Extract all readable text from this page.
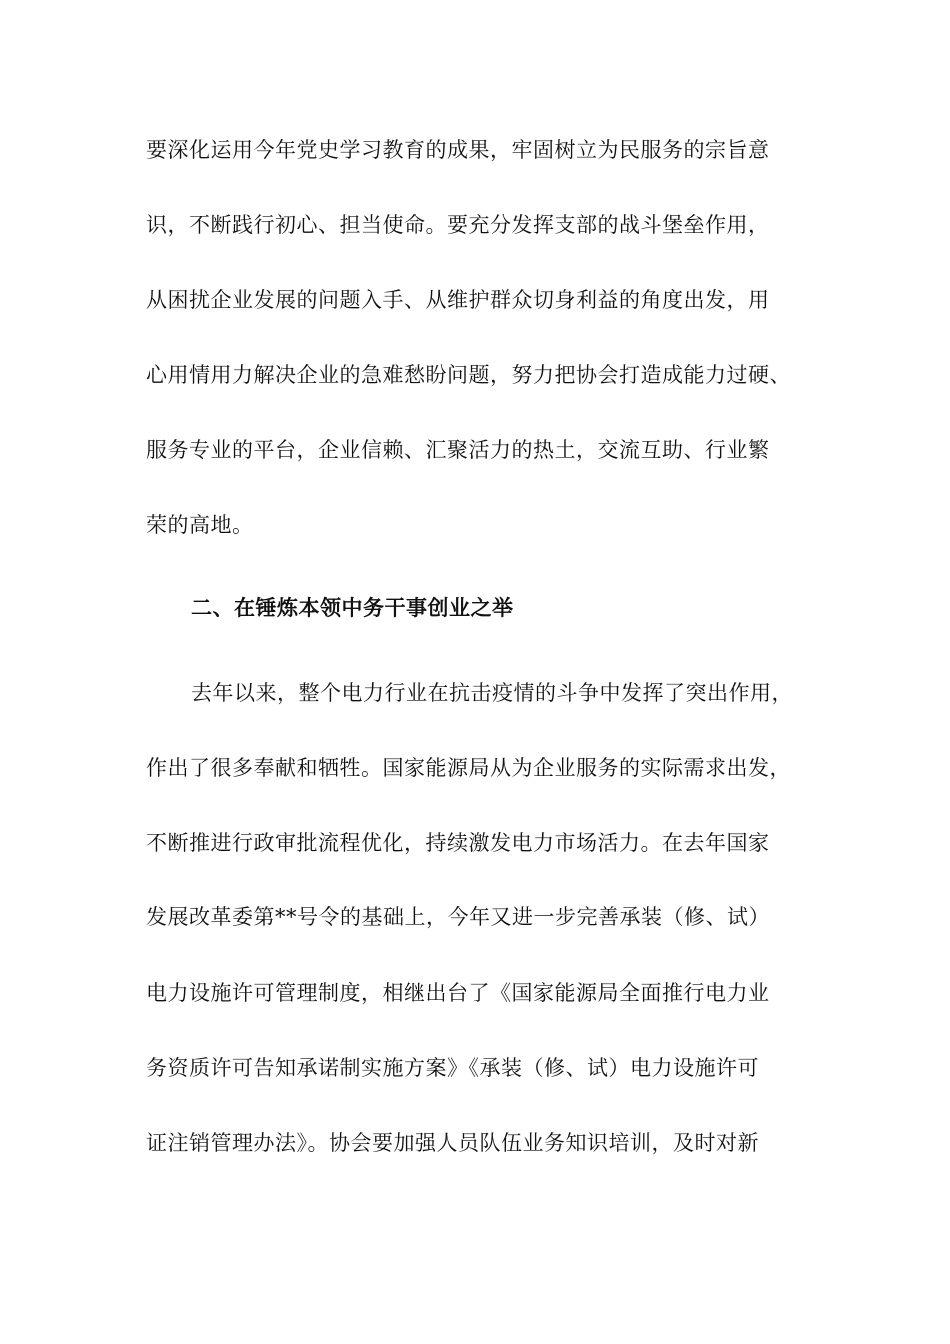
要深化运用今年党史学习教育的成果，牢固树立为民服务的宗旨意
识，不断践行初心、担当使命。要充分发挥支部的战斗堡垒作用，
从困扰企业发展的问题入手、从维护群众切身利益的角度出发，用
心用情用力解决企业的急难愁盼问题，努力把协会打造成能力过硬、
服务专业的平台，企业信赖、汇聚活力的热土，交流互助、行业繁
荣的高地。
二、在锤炼本领中务干事创业之举
去年以来，整个电力行业在抗击疫情的斗争中发挥了突出作用，
作出了很多奉献和牺牲。国家能源局从为企业服务的实际需求出发，
不断推进行政审批流程优化，持续激发电力市场活力。在去年国家
发展改革委第**号令的基础上，今年又进一步完善承装（修、试）
电力设施许可管理制度，相继出台了《国家能源局全面推行电力业
务资质许可告知承诺制实施方案》《承装（修、试）电力设施许可
证注销管理办法》。协会要加强人员队伍业务知识培训，及时对新
